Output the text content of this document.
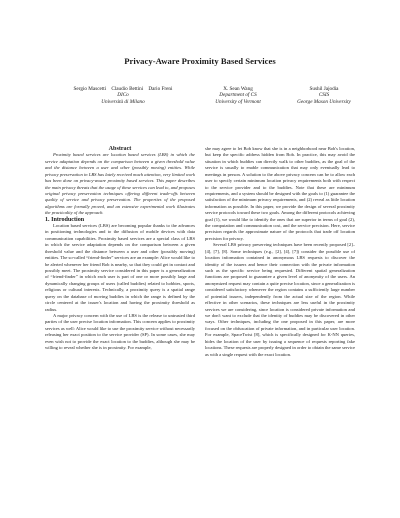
Privacy-Aware Proximity Based Services
Sergio Mascetti    Claudio Bettini    Dario Freni
DICo
Università di Milano
X. Sean Wang
Department of CS
University of Vermont
Sushil Jajodia
CSIS
George Mason University

Abstract

Proximity based services are location based services (LBS) in which the service adaptation depends on the comparison between a given threshold value and the distance between a user and other (possibly moving) entities. While privacy preservation in LBS has lately received much attention, very limited work has been done on privacy-aware proximity based services. This paper describes the main privacy threats that the usage of these services can lead to, and proposes original privacy preservation techniques offering different trade-offs between quality of service and privacy preservation. The properties of the proposed algorithms are formally proved, and an extensive experimental work illustrates the practicality of the approach.

1. Introduction

Location based services (LBS) are becoming popular thanks to the advances in positioning technologies and to the diffusion of mobile devices with data communication capabilities. Proximity based services are a special class of LBS in which the service adaptation depends on the comparison between a given threshold value and the distance between a user and other (possibly moving) entities. The so-called “friend-finder” services are an example: Alice would like to be alerted whenever her friend Bob is nearby, so that they could get in contact and possibly meet. The proximity service considered in this paper is a generalization of “friend-finder” in which each user is part of one or more possibly large and dynamically changing groups of users (called buddies) related to hobbies, sports, religious or cultural interests. Technically, a proximity query is a spatial range query on the database of moving buddies in which the range is defined by the circle centered at the issuer's location and having the proximity threshold as radius.

A major privacy concern with the use of LBS is the release to untrusted third parties of the user precise location information. This concern applies to proximity services as well: Alice would like to use the proximity service without necessarily releasing her exact position to the service provider (SP). In some cases, she may even wish not to provide the exact location to the buddies, although she may be willing to reveal whether she is in proximity. For example,

she may agree to let Bob know that she is in a neighborhood near Bob's location, but keep the specific address hidden from Bob. In practice, this may avoid the situation in which buddies can directly walk to other buddies, as the goal of the service is usually to enable communication that may only eventually lead to meetings in person. A solution to the above privacy concern can be to allow each user to specify certain minimum location privacy requirements both with respect to the service provider and to the buddies. Note that these are minimum requirements, and a system should be designed with the goals to (1) guarantee the satisfaction of the minimum privacy requirements, and (2) reveal as little location information as possible. In this paper, we provide the design of several proximity service protocols toward these two goals. Among the different protocols achieving goal (1), we would like to identify the ones that are superior in terms of goal (2), the computation and communication cost, and the service precision. Here, service precision regards the approximate nature of the protocols that trade off location precision for privacy.

Several LBS privacy preserving techniques have been recently proposed [2]–[4], [7], [8]. Some techniques (e.g., [2], [4], [7]) consider the possible use of location information contained in anonymous LBS requests to discover the identity of the issuers and hence their connection with the private information such as the specific service being requested. Different spatial generalization functions are proposed to guarantee a given level of anonymity of the users. An anonymized request may contain a quite precise location, since a generalization is considered satisfactory whenever the region contains a sufficiently large number of potential issuers, independently from the actual size of the region. While effective in other scenarios, these techniques are less useful in the proximity services we are considering, since location is considered private information and we don't want to exclude that the identity of buddies may be discovered in other ways. Other techniques, including the one proposed in this paper, are more focused on the obfuscation of private information, and in particular user location. For example, SpaceTwist [8], which is specifically designed for K-NN queries, hides the location of the user by issuing a sequence of requests reporting fake locations. These requests are properly designed in order to obtain the same service as with a single request with the exact location.
